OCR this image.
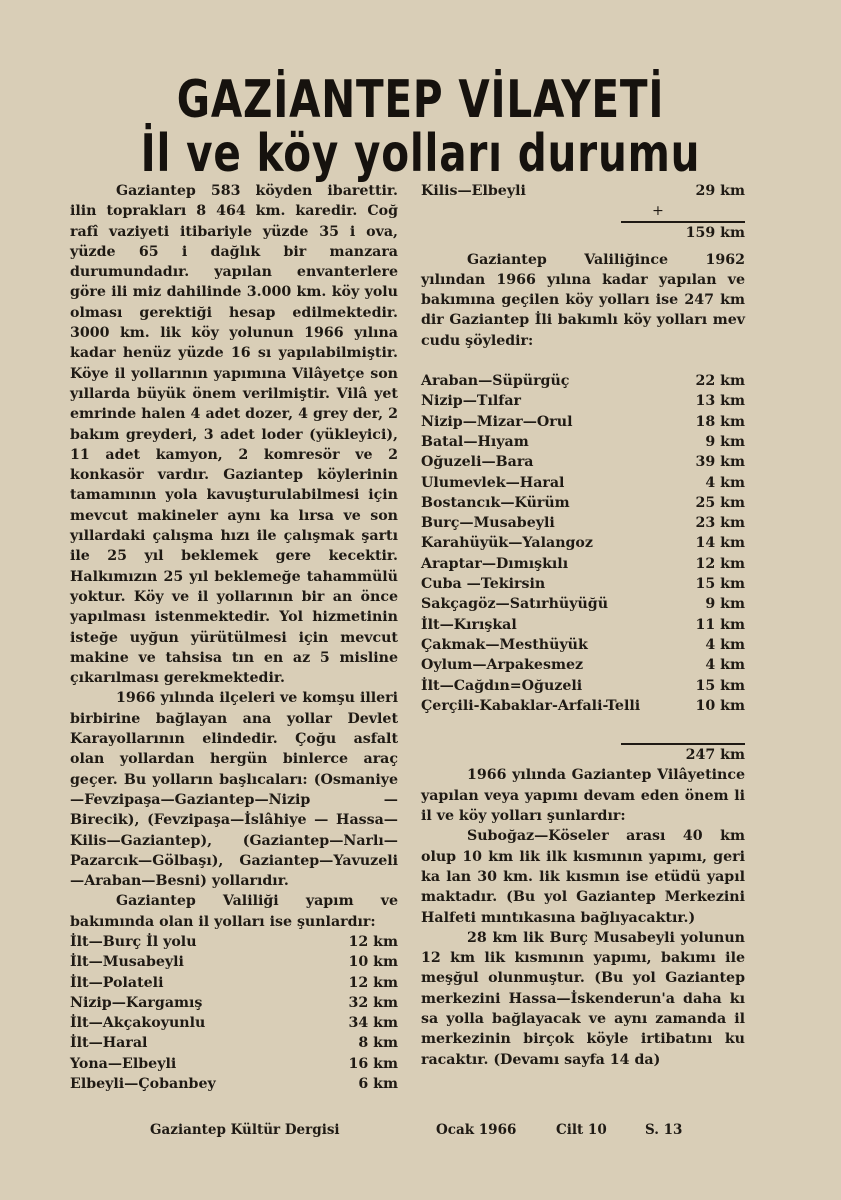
GAZİANTEP VİLAYETİ
İl ve köy yolları durumu

Gaziantep 583 köyden ibarettir. ilin toprakları 8 464 km. karedir. Coğ rafî vaziyeti itibariyle yüzde 35 i ova, yüzde 65 i dağlık bir manzara durumundadır. yapılan envanterlere göre ili miz dahilinde 3.000 km. köy yolu olması gerektiği hesap edilmektedir. 3000 km. lik köy yolunun 1966 yılına kadar henüz yüzde 16 sı yapılabilmiştir. Köye il yollarının yapımına Vilâyetçe son yıllarda büyük önem verilmiştir. Vilâ yet emrinde halen 4 adet dozer, 4 grey der, 2 bakım greyderi, 3 adet loder (yükleyici), 11 adet kamyon, 2 komresör ve 2 konkasör vardır. Gaziantep köylerinin tamamının yola kavuşturulabilmesi için mevcut makineler aynı ka lırsa ve son yıllardaki çalışma hızı ile çalışmak şartı ile 25 yıl beklemek gere kecektir. Halkımızın 25 yıl beklemeğe tahammülü yoktur. Köy ve il yollarının bir an önce yapılması istenmektedir. Yol hizmetinin isteğe uyğun yürütülmesi için mevcut makine ve tahsisa tın en az 5 misline çıkarılması gerekmektedir.

1966 yılında ilçeleri ve komşu illeri birbirine bağlayan ana yollar Devlet Karayollarının elindedir. Çoğu asfalt olan yollardan hergün binlerce araç geçer. Bu yolların başlıcaları: (Osmaniye—Fevzipaşa—Gaziantep—Nizip — Birecik), (Fevzipaşa—İslâhiye — Hassa— Kilis—Gaziantep), (Gaziantep—Narlı— Pazarcık—Gölbaşı), Gaziantep—Yavuzeli —Araban—Besni) yollarıdır.

Gaziantep Valiliği yapım ve bakımında olan il yolları ise şunlardır:

İlt—Burç İl yolu	12 km
İlt—Musabeyli	10 km
İlt—Polateli	12 km
Nizip—Kargamış	32 km
İlt—Akçakoyunlu	34 km
İlt—Haral	8 km
Yona—Elbeyli	16 km
Elbeyli—Çobanbey	6 km
Kilis—Elbeyli	29 km
+
159 km

Gaziantep Valiliğince 1962 yılından 1966 yılına kadar yapılan ve bakımına geçilen köy yolları ise 247 km dir Gaziantep İli bakımlı köy yolları mev cudu şöyledir:

Araban—Süpürgüç	22 km
Nizip—Tılfar	13 km
Nizip—Mizar—Orul	18 km
Batal—Hıyam	9 km
Oğuzeli—Bara	39 km
Ulumevlek—Haral	4 km
Bostancık—Kürüm	25 km
Burç—Musabeyli	23 km
Karahüyük—Yalangoz	14 km
Araptar—Dımışkılı	12 km
Cuba —Tekirsin	15 km
Sakçagöz—Satırhüyüğü	9 km
İlt—Kırışkal	11 km
Çakmak—Mesthüyük	4 km
Oylum—Arpakesmez	4 km
İlt—Cağdın=Oğuzeli	15 km
Çerçili-Kabaklar-Arfali-Telli	10 km
247 km

1966 yılında Gaziantep Vilâyetince yapılan veya yapımı devam eden önem li il ve köy yolları şunlardır:

Suboğaz—Köseler arası 40 km olup 10 km lik ilk kısmının yapımı, geri ka lan 30 km. lik kısmın ise etüdü yapıl maktadır. (Bu yol Gaziantep Merkezini Halfeti mıntıkasına bağlıyacaktır.)

28 km lik Burç Musabeyli yolunun 12 km lik kısmının yapımı, bakımı ile meşğul olunmuştur. (Bu yol Gaziantep merkezini Hassa—İskenderun'a daha kı sa yolla bağlayacak ve aynı zamanda il merkezinin birçok köyle irtibatını ku racaktır. (Devamı sayfa 14 da)

Gaziantep Kültür Dergisi	Ocak 1966	Cilt 10	S. 13
